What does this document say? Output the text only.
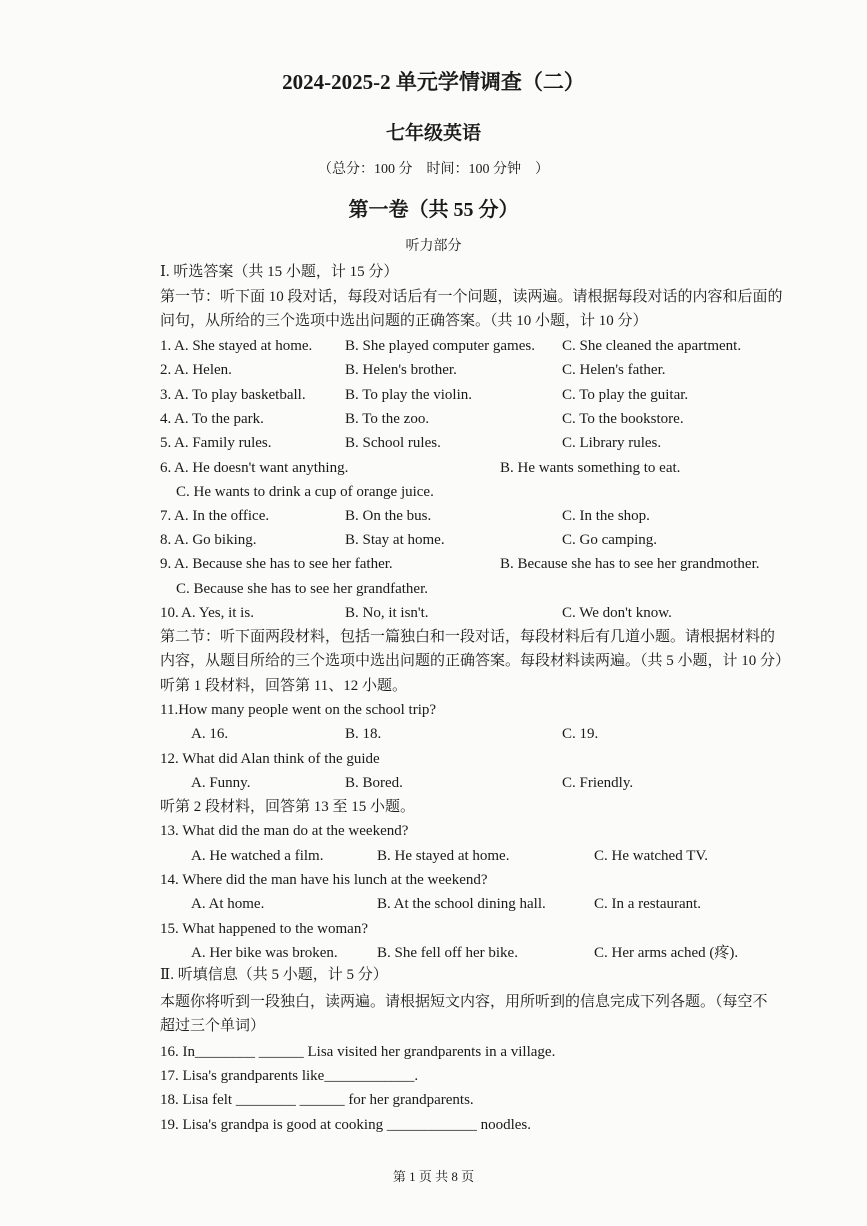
2024-2025-2 单元学情调查（二）
七年级英语
（总分：100 分　时间：100 分钟　）
第一卷（共 55 分）
听力部分
Ⅰ. 听选答案（共 15 小题，计 15 分）
第一节：听下面 10 段对话，每段对话后有一个问题，读两遍。请根据每段对话的内容和后面的
问句，从所给的三个选项中选出问题的正确答案。（共 10 小题，计 10 分）
1. A. She stayed at home. B. She played computer games. C. She cleaned the apartment.
2. A. Helen.	B. Helen's brother.	C. Helen's father.
3. A. To play basketball.	B. To play the violin.	C. To play the guitar.
4. A. To the park.	B. To the zoo.	C. To the bookstore.
5. A. Family rules.	B. School rules.	C. Library rules.
6. A. He doesn't want anything.	B. He wants something to eat.
C. He wants to drink a cup of orange juice.
7. A. In the office.	B. On the bus.	C. In the shop.
8. A. Go biking.	B. Stay at home.	C. Go camping.
9. A. Because she has to see her father.	B. Because she has to see her grandmother.
C. Because she has to see her grandfather.
10. A. Yes, it is.	B. No, it isn't.	C. We don't know.
第二节：听下面两段材料，包括一篇独白和一段对话，每段材料后有几道小题。请根据材料的
内容，从题目所给的三个选项中选出问题的正确答案。每段材料读两遍。（共 5 小题，计 10 分）
听第 1 段材料，回答第 11、12 小题。
11.How many people went on the school trip?
A. 16.	B. 18.	C. 19.
12. What did Alan think of the guide
A. Funny.	B. Bored.	C. Friendly.
听第 2 段材料，回答第 13 至 15 小题。
13. What did the man do at the weekend?
A. He watched a film.	B. He stayed at home.	C. He watched TV.
14. Where did the man have his lunch at the weekend?
A. At home.	B. At the school dining hall.	C. In a restaurant.
15. What happened to the woman?
A. Her bike was broken.	B. She fell off her bike.	C. Her arms ached (疼).
Ⅱ. 听填信息（共 5 小题，计 5 分）
本题你将听到一段独白，读两遍。请根据短文内容，用所听到的信息完成下列各题。（每空不
超过三个单词）
16. In________ ______ Lisa visited her grandparents in a village.
17. Lisa's grandparents like____________.
18. Lisa felt ________ ______ for her grandparents.
19. Lisa's grandpa is good at cooking ____________ noodles.
第 1 页 共 8 页
